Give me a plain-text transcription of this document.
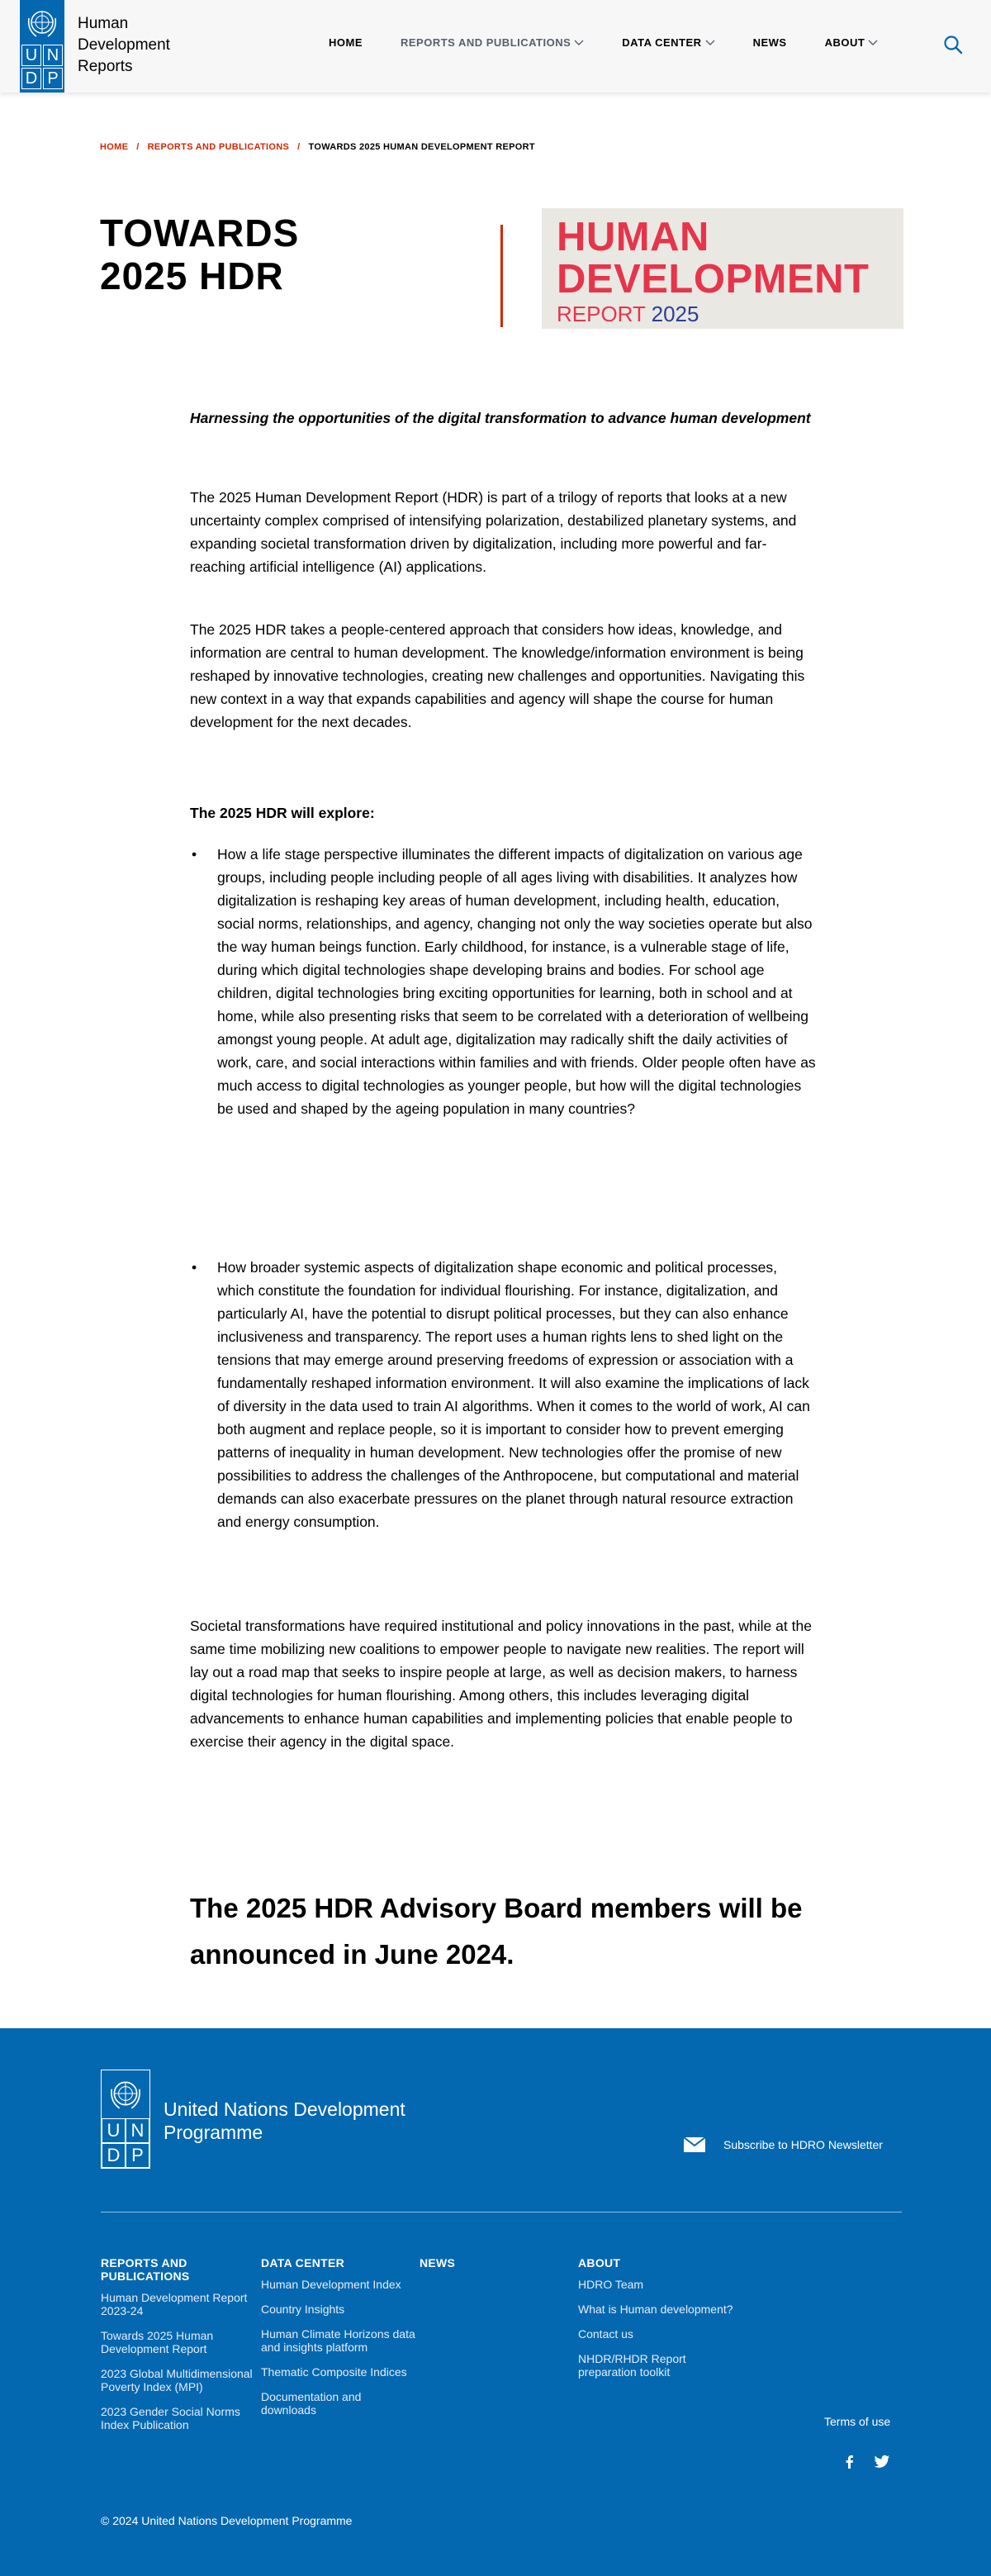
U N
D P
Human Development Reports
HOME	REPORTS AND PUBLICATIONS	DATA CENTER	NEWS	ABOUT
HOME / REPORTS AND PUBLICATIONS / TOWARDS 2025 HUMAN DEVELOPMENT REPORT
TOWARDS
2025 HDR
HUMAN
DEVELOPMENT
REPORT 2025

Harnessing the opportunities of the digital transformation to advance human development

The 2025 Human Development Report (HDR) is part of a trilogy of reports that looks at a new uncertainty complex comprised of intensifying polarization, destabilized planetary systems, and expanding societal transformation driven by digitalization, including more powerful and far-reaching artificial intelligence (AI) applications.

The 2025 HDR takes a people-centered approach that considers how ideas, knowledge, and information are central to human development. The knowledge/information environment is being reshaped by innovative technologies, creating new challenges and opportunities. Navigating this new context in a way that expands capabilities and agency will shape the course for human development for the next decades.

The 2025 HDR will explore:

• How a life stage perspective illuminates the different impacts of digitalization on various age groups, including people including people of all ages living with disabilities. It analyzes how digitalization is reshaping key areas of human development, including health, education, social norms, relationships, and agency, changing not only the way societies operate but also the way human beings function. Early childhood, for instance, is a vulnerable stage of life, during which digital technologies shape developing brains and bodies. For school age children, digital technologies bring exciting opportunities for learning, both in school and at home, while also presenting risks that seem to be correlated with a deterioration of wellbeing amongst young people. At adult age, digitalization may radically shift the daily activities of work, care, and social interactions within families and with friends. Older people often have as much access to digital technologies as younger people, but how will the digital technologies be used and shaped by the ageing population in many countries?
• How broader systemic aspects of digitalization shape economic and political processes, which constitute the foundation for individual flourishing. For instance, digitalization, and particularly AI, have the potential to disrupt political processes, but they can also enhance inclusiveness and transparency. The report uses a human rights lens to shed light on the tensions that may emerge around preserving freedoms of expression or association with a fundamentally reshaped information environment. It will also examine the implications of lack of diversity in the data used to train AI algorithms. When it comes to the world of work, AI can both augment and replace people, so it is important to consider how to prevent emerging patterns of inequality in human development. New technologies offer the promise of new possibilities to address the challenges of the Anthropocene, but computational and material demands can also exacerbate pressures on the planet through natural resource extraction and energy consumption.

Societal transformations have required institutional and policy innovations in the past, while at the same time mobilizing new coalitions to empower people to navigate new realities. The report will lay out a road map that seeks to inspire people at large, as well as decision makers, to harness digital technologies for human flourishing. Among others, this includes leveraging digital advancements to enhance human capabilities and implementing policies that enable people to exercise their agency in the digital space.

The 2025 HDR Advisory Board members will be announced in June 2024.
U N
D P
United Nations Development Programme
Subscribe to HDRO Newsletter
REPORTS AND PUBLICATIONS
Human Development Report 2023-24
Towards 2025 Human Development Report
2023 Global Multidimensional Poverty Index (MPI)
2023 Gender Social Norms Index Publication
DATA CENTER
Human Development Index
Country Insights
Human Climate Horizons data and insights platform
Thematic Composite Indices
Documentation and downloads
NEWS	ABOUT
HDRO Team
What is Human development?
Contact us
NHDR/RHDR Report preparation toolkit
Terms of use
© 2024 United Nations Development Programme
